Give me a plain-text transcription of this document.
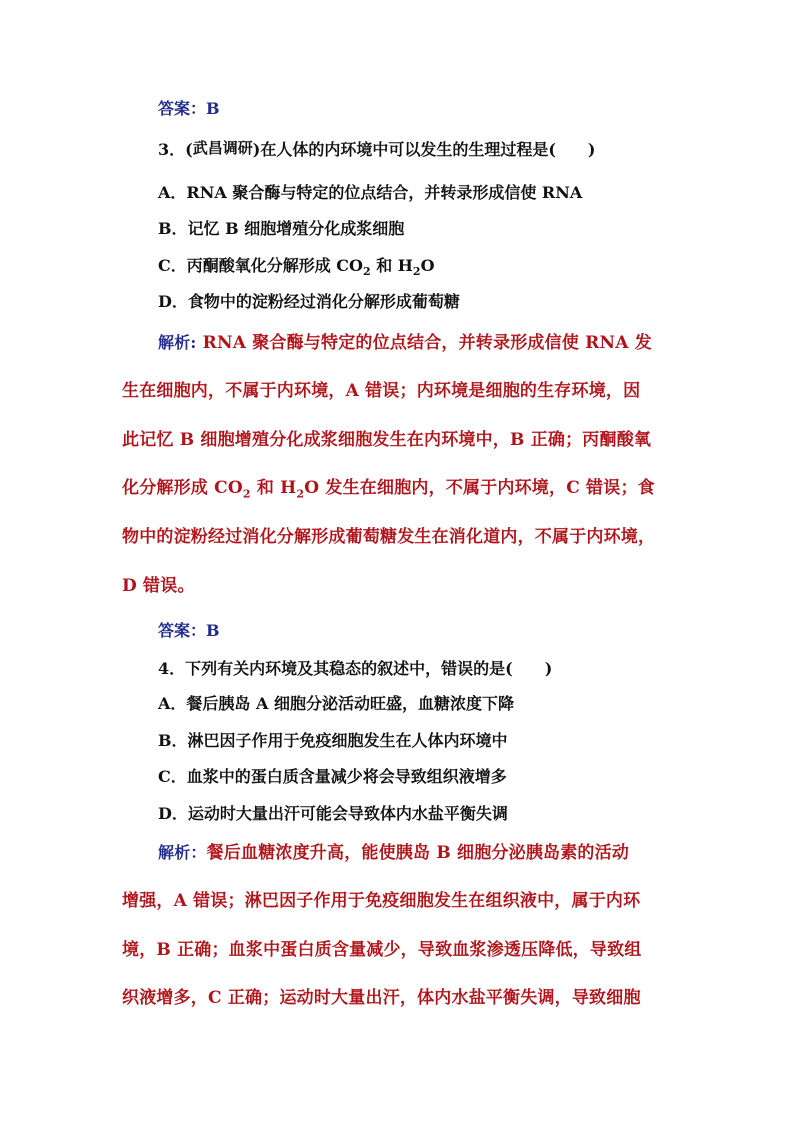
答案：B
3．(武昌调研)在人体的内环境中可以发生的生理过程是(　　)
A．RNA 聚合酶与特定的位点结合，并转录形成信使 RNA
B．记忆 B 细胞增殖分化成浆细胞
C．丙酮酸氧化分解形成 $CO_2$ 和 $H_2O$
D．食物中的淀粉经过消化分解形成葡萄糖
解析: RNA 聚合酶与特定的位点结合，并转录形成信使 RNA 发
生在细胞内，不属于内环境，A 错误；内环境是细胞的生存环境，因
此记忆 B 细胞增殖分化成浆细胞发生在内环境中，B 正确；丙酮酸氧
化分解形成 $CO_2$ 和 $H_2O$ 发生在细胞内，不属于内环境，C 错误；食
物中的淀粉经过消化分解形成葡萄糖发生在消化道内，不属于内环境，
D 错误。
答案：B
4．下列有关内环境及其稳态的叙述中，错误的是(　　)
A．餐后胰岛 A 细胞分泌活动旺盛，血糖浓度下降
B．淋巴因子作用于免疫细胞发生在人体内环境中
C．血浆中的蛋白质含量减少将会导致组织液增多
D．运动时大量出汗可能会导致体内水盐平衡失调
解析：餐后血糖浓度升高，能使胰岛 B 细胞分泌胰岛素的活动
增强，A 错误；淋巴因子作用于免疫细胞发生在组织液中，属于内环
境，B 正确；血浆中蛋白质含量减少，导致血浆渗透压降低，导致组
织液增多，C 正确；运动时大量出汗，体内水盐平衡失调，导致细胞
